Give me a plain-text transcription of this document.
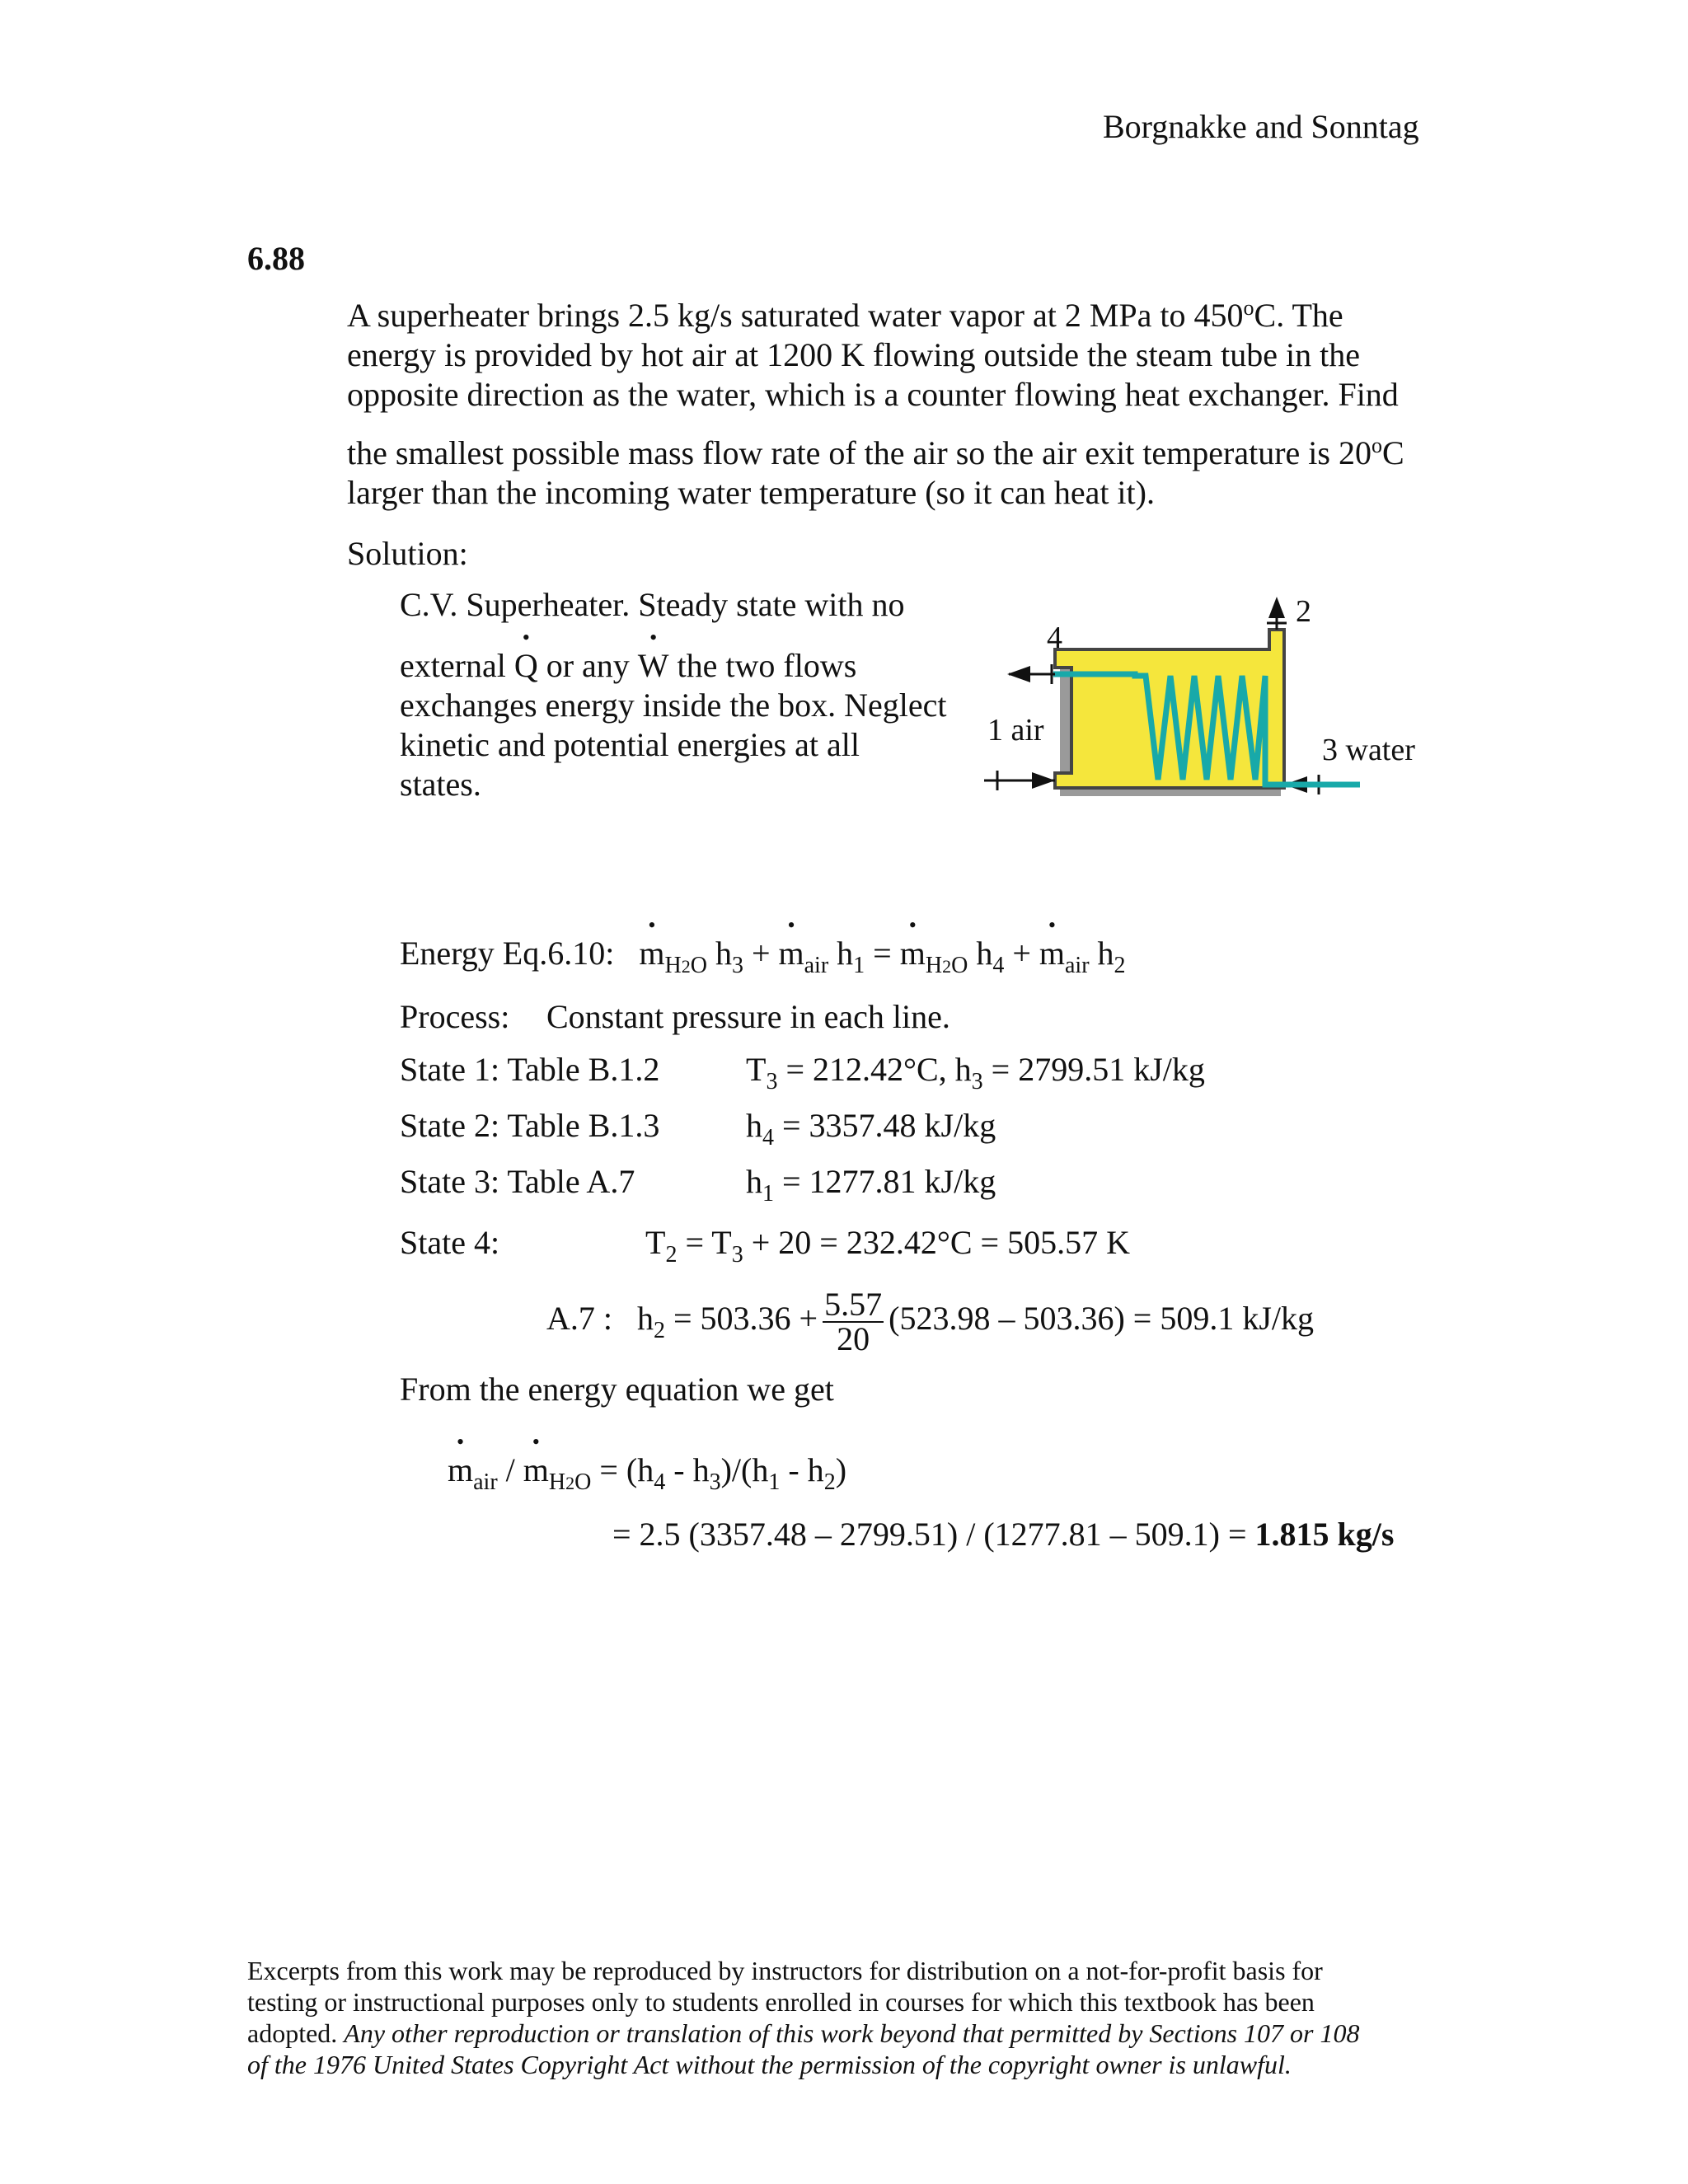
Borgnakke and Sonntag
6.88

A superheater brings 2.5 kg/s saturated water vapor at 2 MPa to 450$^o$C. The

energy is provided by hot air at 1200 K flowing outside the steam tube in the

opposite direction as the water, which is a counter flowing heat exchanger. Find

the smallest possible mass flow rate of the air so the air exit temperature is 20$^o$C

larger than the incoming water temperature (so it can heat it).

Solution:

C.V. Superheater. Steady state with no

external • Q or any • W the two flows

exchanges energy inside the box. Neglect

kinetic and potential energies at all

states.

4
2
1 air
3 water
Energy Eq.6.10:   • $m_{H2O}$ $h_3$ + • $m_{air}$ $h_1$ = • $m_{H2O}$ $h_4$ + • $m_{air}$ $h_2$
Process: Constant pressure in each line.
State 1: Table B.1.2	$T_3 = 212.42^\circ C$, $h_3 = 2799.51$ kJ/kg
State 2: Table B.1.3	$h_4 = 3357.48$ kJ/kg
State 3: Table A.7	$h_1 = 1277.81$ kJ/kg
State 4:	$T_2 = T_3 + 20 = 232.42^\circ C = 505.57$ K
A.7 : $h_2 = 503.36 + \frac{5.57}{20} (523.98 - 503.36) = 509.1$ kJ/kg
From the energy equation we get
• $m_{air}$ / • $m_{H2O} = (h_4 - h_3)/(h_1 - h_2)$
= 2.5 (3357.48 – 2799.51) / (1277.81 – 509.1) = 1.815 kg/s

Excerpts from this work may be reproduced by instructors for distribution on a not-for-profit basis for

testing or instructional purposes only to students enrolled in courses for which this textbook has been

adopted. Any other reproduction or translation of this work beyond that permitted by Sections 107 or 108

of the 1976 United States Copyright Act without the permission of the copyright owner is unlawful.
